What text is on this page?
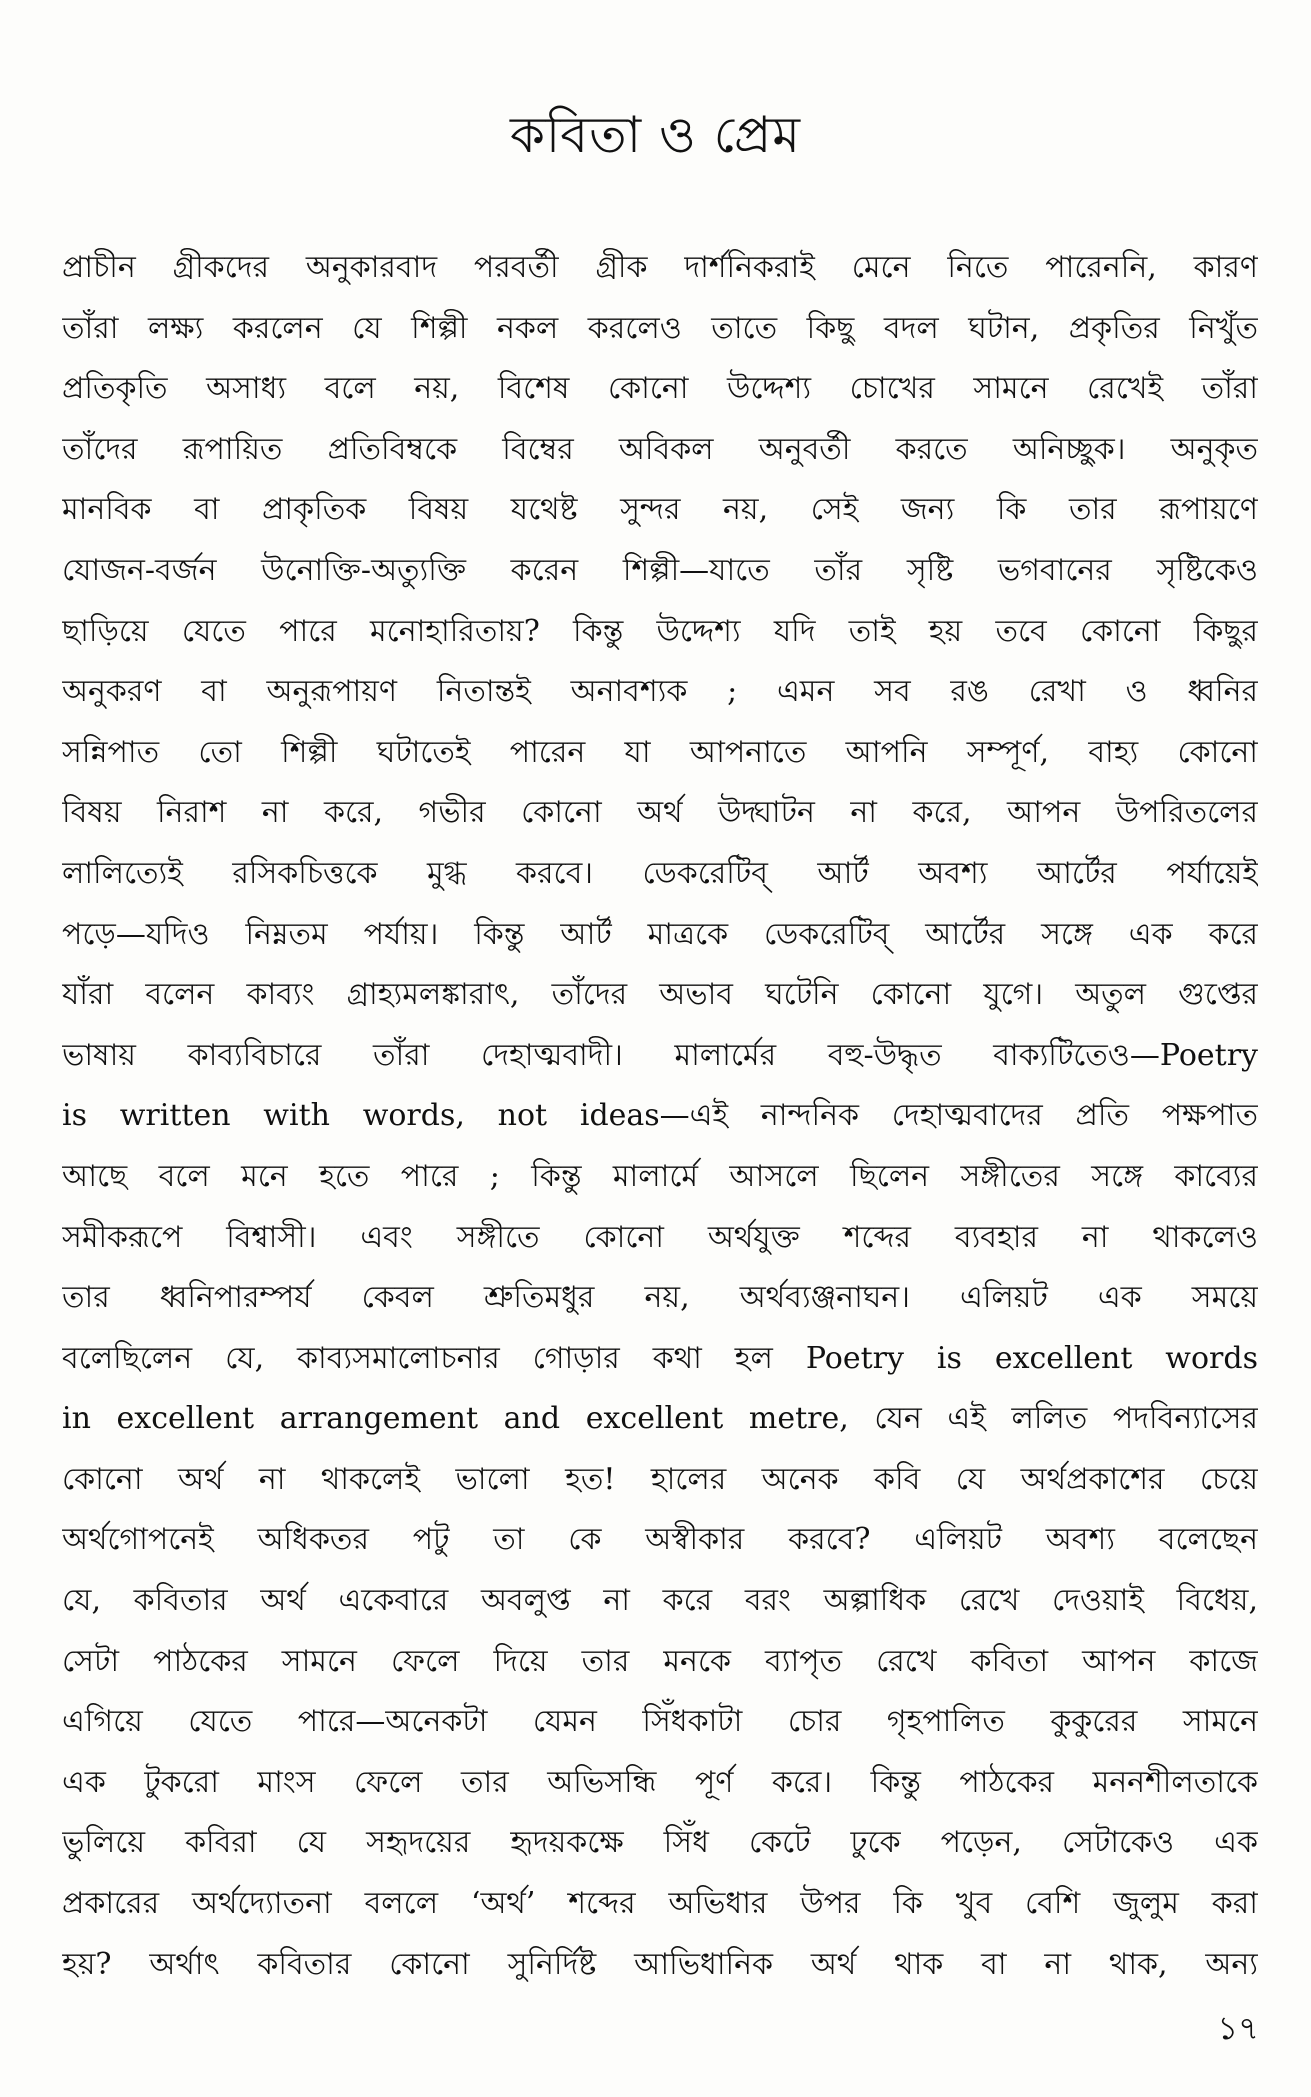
কবিতা ও প্রেম
প্রাচীন গ্রীকদের অনুকারবাদ পরবর্তী গ্রীক দার্শনিকরাই মেনে নিতে পারেননি, কারণ
তাঁরা লক্ষ্য করলেন যে শিল্পী নকল করলেও তাতে কিছু বদল ঘটান, প্রকৃতির নিখুঁত
প্রতিকৃতি অসাধ্য বলে নয়, বিশেষ কোনো উদ্দেশ্য চোখের সামনে রেখেই তাঁরা
তাঁদের রূপায়িত প্রতিবিম্বকে বিম্বের অবিকল অনুবর্তী করতে অনিচ্ছুক। অনুকৃত
মানবিক বা প্রাকৃতিক বিষয় যথেষ্ট সুন্দর নয়, সেই জন্য কি তার রূপায়ণে
যোজন-বর্জন উনোক্তি-অত্যুক্তি করেন শিল্পী—যাতে তাঁর সৃষ্টি ভগবানের সৃষ্টিকেও
ছাড়িয়ে যেতে পারে মনোহারিতায়? কিন্তু উদ্দেশ্য যদি তাই হয় তবে কোনো কিছুর
অনুকরণ বা অনুরূপায়ণ নিতান্তই অনাবশ্যক ; এমন সব রঙ রেখা ও ধ্বনির
সন্নিপাত তো শিল্পী ঘটাতেই পারেন যা আপনাতে আপনি সম্পূর্ণ, বাহ্য কোনো
বিষয় নিরাশ না করে, গভীর কোনো অর্থ উদ্ঘাটন না করে, আপন উপরিতলের
লালিত্যেই রসিকচিত্তকে মুগ্ধ করবে। ডেকরেটিব্ আর্ট অবশ্য আর্টের পর্যায়েই
পড়ে—যদিও নিম্নতম পর্যায়। কিন্তু আর্ট মাত্রকে ডেকরেটিব্ আর্টের সঙ্গে এক করে
যাঁরা বলেন কাব্যং গ্রাহ্যমলঙ্কারাৎ, তাঁদের অভাব ঘটেনি কোনো যুগে। অতুল গুপ্তের
ভাষায় কাব্যবিচারে তাঁরা দেহাত্মবাদী। মালার্মের বহু-উদ্ধৃত বাক্যটিতেও—Poetry
is written with words, not ideas—এই নান্দনিক দেহাত্মবাদের প্রতি পক্ষপাত
আছে বলে মনে হতে পারে ; কিন্তু মালার্মে আসলে ছিলেন সঙ্গীতের সঙ্গে কাব্যের
সমীকরূপে বিশ্বাসী। এবং সঙ্গীতে কোনো অর্থযুক্ত শব্দের ব্যবহার না থাকলেও
তার ধ্বনিপারম্পর্য কেবল শ্রুতিমধুর নয়, অর্থব্যঞ্জনাঘন। এলিয়ট এক সময়ে
বলেছিলেন যে, কাব্যসমালোচনার গোড়ার কথা হল Poetry is excellent words
in excellent arrangement and excellent metre, যেন এই ললিত পদবিন্যাসের
কোনো অর্থ না থাকলেই ভালো হত! হালের অনেক কবি যে অর্থপ্রকাশের চেয়ে
অর্থগোপনেই অধিকতর পটু তা কে অস্বীকার করবে? এলিয়ট অবশ্য বলেছেন
যে, কবিতার অর্থ একেবারে অবলুপ্ত না করে বরং অল্পাধিক রেখে দেওয়াই বিধেয়,
সেটা পাঠকের সামনে ফেলে দিয়ে তার মনকে ব্যাপৃত রেখে কবিতা আপন কাজে
এগিয়ে যেতে পারে—অনেকটা যেমন সিঁধকাটা চোর গৃহপালিত কুকুরের সামনে
এক টুকরো মাংস ফেলে তার অভিসন্ধি পূর্ণ করে। কিন্তু পাঠকের মননশীলতাকে
ভুলিয়ে কবিরা যে সহৃদয়ের হৃদয়কক্ষে সিঁধ কেটে ঢুকে পড়েন, সেটাকেও এক
প্রকারের অর্থদ্যোতনা বললে ‘অর্থ’ শব্দের অভিধার উপর কি খুব বেশি জুলুম করা
হয়? অর্থাৎ কবিতার কোনো সুনির্দিষ্ট আভিধানিক অর্থ থাক বা না থাক, অন্য
১৭
